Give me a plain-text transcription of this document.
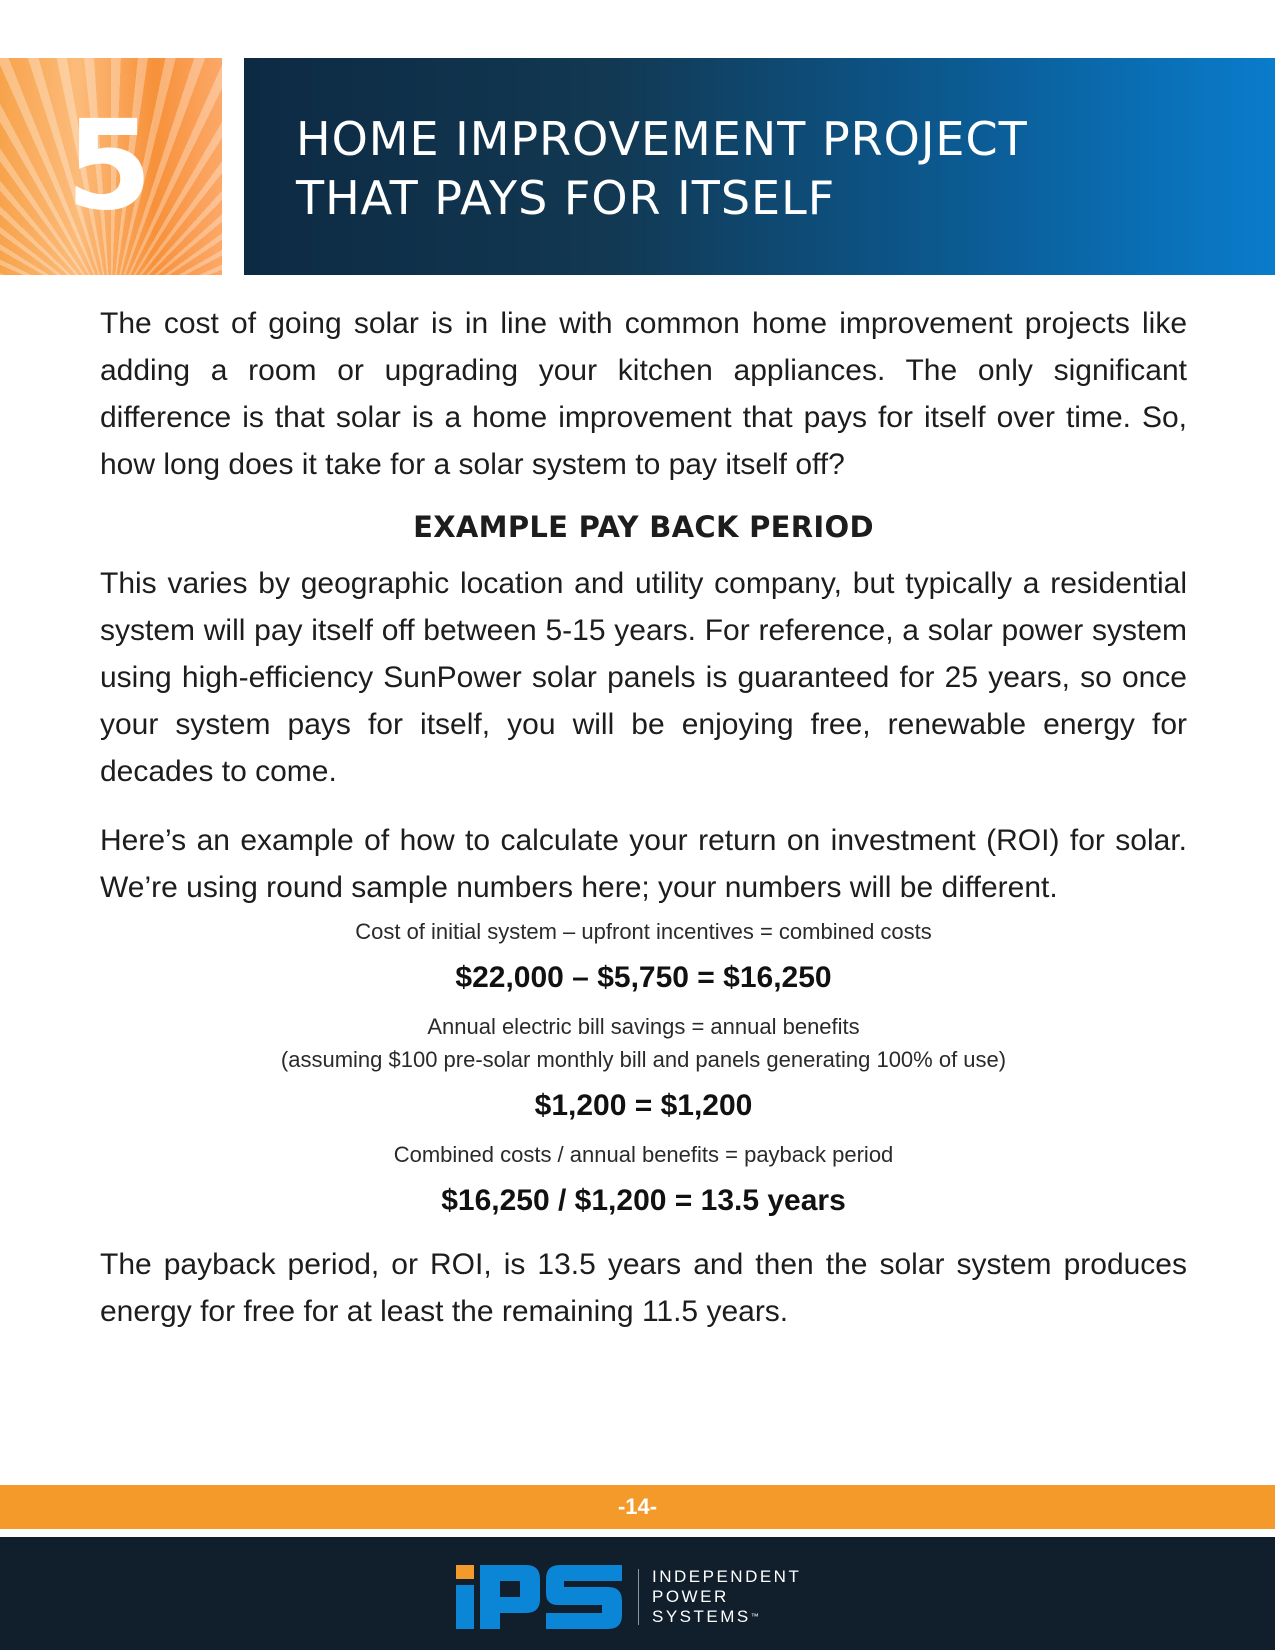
5	HOME IMPROVEMENT PROJECT
THAT PAYS FOR ITSELF

The cost of going solar is in line with common home improvement projects like adding a room or upgrading your kitchen appliances. The only significant difference is that solar is a home improvement that pays for itself over time. So, how long does it take for a solar system to pay itself off?

EXAMPLE PAY BACK PERIOD

This varies by geographic location and utility company, but typically a residential system will pay itself off between 5-15 years. For reference, a solar power system using high-efficiency SunPower solar panels is guaranteed for 25 years, so once your system pays for itself, you will be enjoying free, renewable energy for decades to come.

Here’s an example of how to calculate your return on investment (ROI) for solar. We’re using round sample numbers here; your numbers will be different.

Cost of initial system – upfront incentives = combined costs

$22,000 – $5,750 = $16,250

Annual electric bill savings = annual benefits

(assuming $100 pre-solar monthly bill and panels generating 100% of use)

$1,200 = $1,200

Combined costs / annual benefits = payback period

$16,250 / $1,200 = 13.5 years

The payback period, or ROI, is 13.5 years and then the solar system produces energy for free for at least the remaining 11.5 years.

-14-
INDEPENDENT
POWER
SYSTEMS™
